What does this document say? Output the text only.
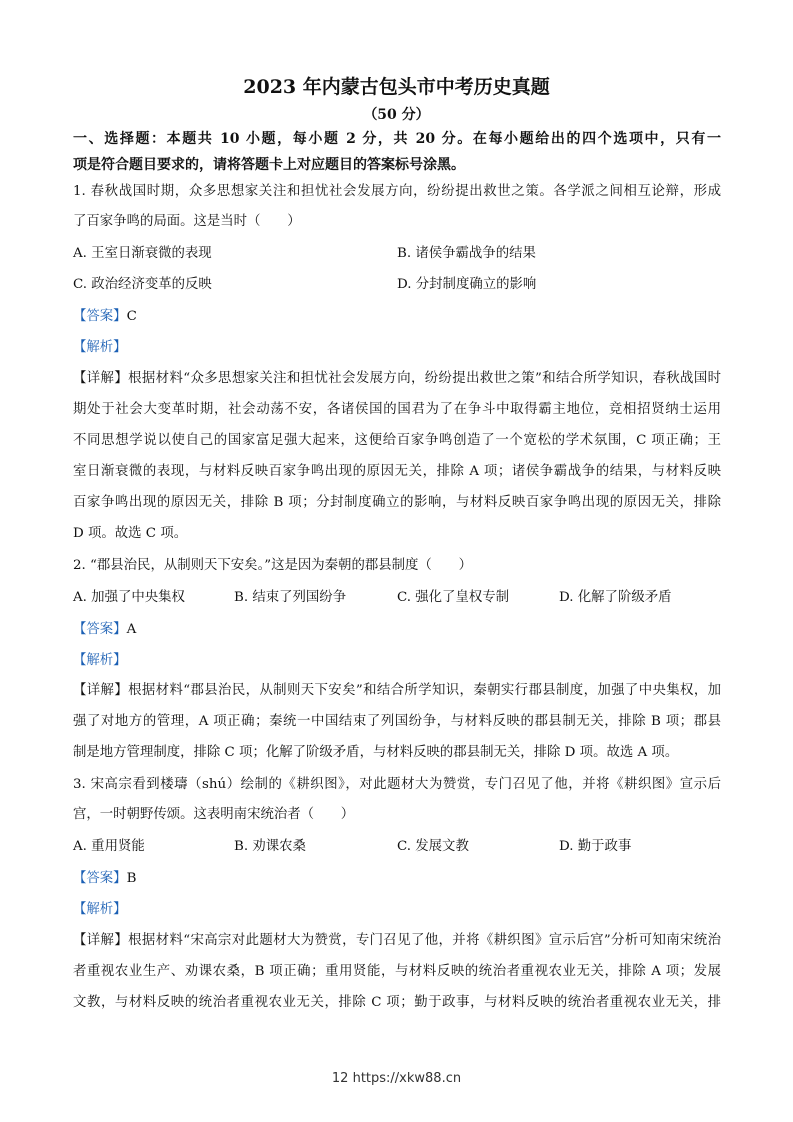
2023 年内蒙古包头市中考历史真题
（50 分）
一、选择题：本题共 10 小题，每小题 2 分，共 20 分。在每小题给出的四个选项中，只有一
项是符合题目要求的，请将答题卡上对应题目的答案标号涂黑。
1. 春秋战国时期，众多思想家关注和担忧社会发展方向，纷纷提出救世之策。各学派之间相互论辩，形成
了百家争鸣的局面。这是当时（　　）
A. 王室日渐衰微的表现	B. 诸侯争霸战争的结果
C. 政治经济变革的反映	D. 分封制度确立的影响
【答案】C
【解析】
【详解】根据材料“众多思想家关注和担忧社会发展方向，纷纷提出救世之策”和结合所学知识，春秋战国时
期处于社会大变革时期，社会动荡不安，各诸侯国的国君为了在争斗中取得霸主地位，竞相招贤纳士运用
不同思想学说以使自己的国家富足强大起来，这便给百家争鸣创造了一个宽松的学术氛围，C 项正确；王
室日渐衰微的表现，与材料反映百家争鸣出现的原因无关，排除 A 项；诸侯争霸战争的结果，与材料反映
百家争鸣出现的原因无关，排除 B 项；分封制度确立的影响，与材料反映百家争鸣出现的原因无关，排除
D 项。故选 C 项。
2. “郡县治民，从制则天下安矣。”这是因为秦朝的郡县制度（　　）
A. 加强了中央集权	B. 结束了列国纷争	C. 强化了皇权专制	D. 化解了阶级矛盾
【答案】A
【解析】
【详解】根据材料“郡县治民，从制则天下安矣”和结合所学知识，秦朝实行郡县制度，加强了中央集权，加
强了对地方的管理，A 项正确；秦统一中国结束了列国纷争，与材料反映的郡县制无关，排除 B 项；郡县
制是地方管理制度，排除 C 项；化解了阶级矛盾，与材料反映的郡县制无关，排除 D 项。故选 A 项。
3. 宋高宗看到楼璹（shú）绘制的《耕织图》，对此题材大为赞赏，专门召见了他，并将《耕织图》宣示后
宫，一时朝野传颂。这表明南宋统治者（　　）
A. 重用贤能	B. 劝课农桑	C. 发展文教	D. 勤于政事
【答案】B
【解析】
【详解】根据材料“宋高宗对此题材大为赞赏，专门召见了他，并将《耕织图》宣示后宫”分析可知南宋统治
者重视农业生产、劝课农桑，B 项正确；重用贤能，与材料反映的统治者重视农业无关，排除 A 项；发展
文教，与材料反映的统治者重视农业无关，排除 C 项；勤于政事，与材料反映的统治者重视农业无关，排
12 https://xkw88.cn
